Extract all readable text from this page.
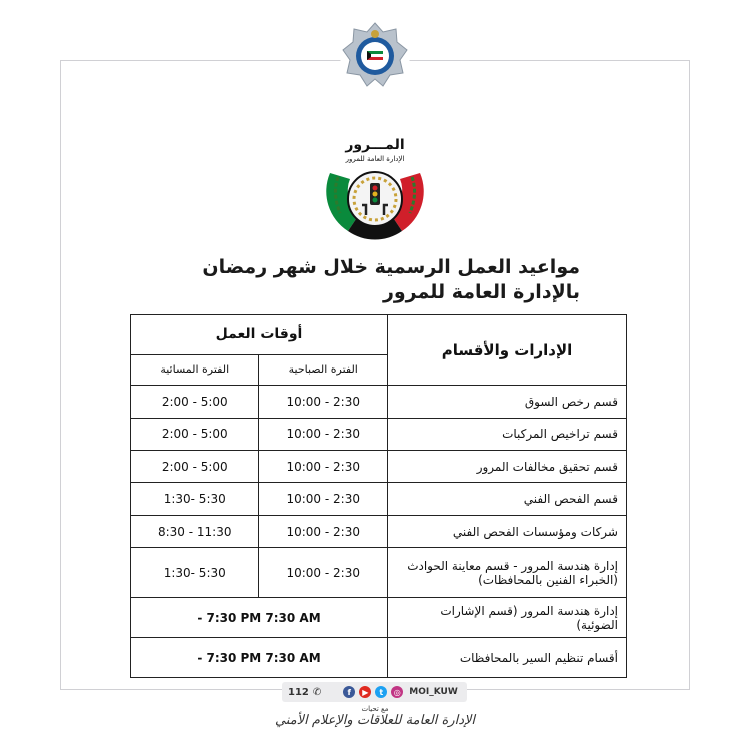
المـــرور
الإدارة العامة للمرور
مواعيد العمل الرسمية خلال شهر رمضان
بالإدارة العامة للمرور
الإدارات والأقسام	أوقات العمل	
	الفترة الصباحية	الفترة المسائية
قسم رخص السوق	10:00 - 2:30	2:00 - 5:00
قسم تراخيص المركبات	10:00 - 2:30	2:00 - 5:00
قسم تحقيق مخالفات المرور	10:00 - 2:30	2:00 - 5:00
قسم الفحص الفني	10:00 - 2:30	1:30- 5:30
شركات ومؤسسات الفحص الفني	10:00 - 2:30	8:30 - 11:30
إدارة هندسة المرور - قسم معاينة الحوادث (الخبراء الفنين بالمحافظات)	10:00 - 2:30	1:30- 5:30
إدارة هندسة المرور (قسم الإشارات الضوئية)	- 7:30 PM 7:30 AM	
أقسام تنظيم السير بالمحافظات	- 7:30 PM 7:30 AM	
112 ✆	f	▶	t	◎ MOI_KUW
مع تحيات
الإدارة العامة للعلاقات والإعلام الأمني
